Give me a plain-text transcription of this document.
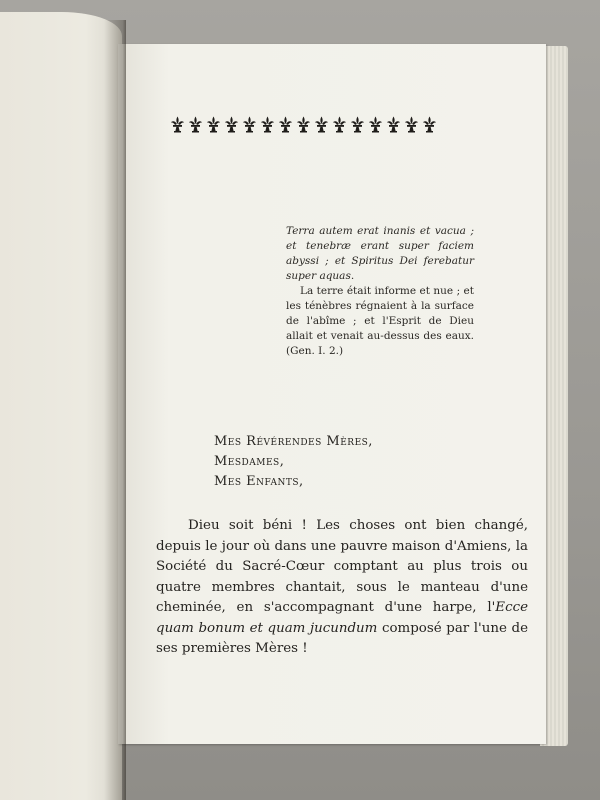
Terra autem erat inanis et vacua ; et tenebræ erant super faciem abyssi ; et Spiritus Dei ferebatur super aquas.
La terre était informe et nue ; et les ténèbres régnaient à la surface de l'abîme ; et l'Esprit de Dieu allait et venait au-dessus des eaux. (Gen. I. 2.)
Mes Révérendes Mères,
Mesdames,
Mes Enfants,
Dieu soit béni ! Les choses ont bien changé, depuis le jour où dans une pauvre maison d'Amiens, la Société du Sacré-Cœur comptant au plus trois ou quatre membres chantait, sous le manteau d'une cheminée, en s'accompagnant d'une harpe, l'Ecce quam bonum et quam jucundum composé par l'une de ses premières Mères !
